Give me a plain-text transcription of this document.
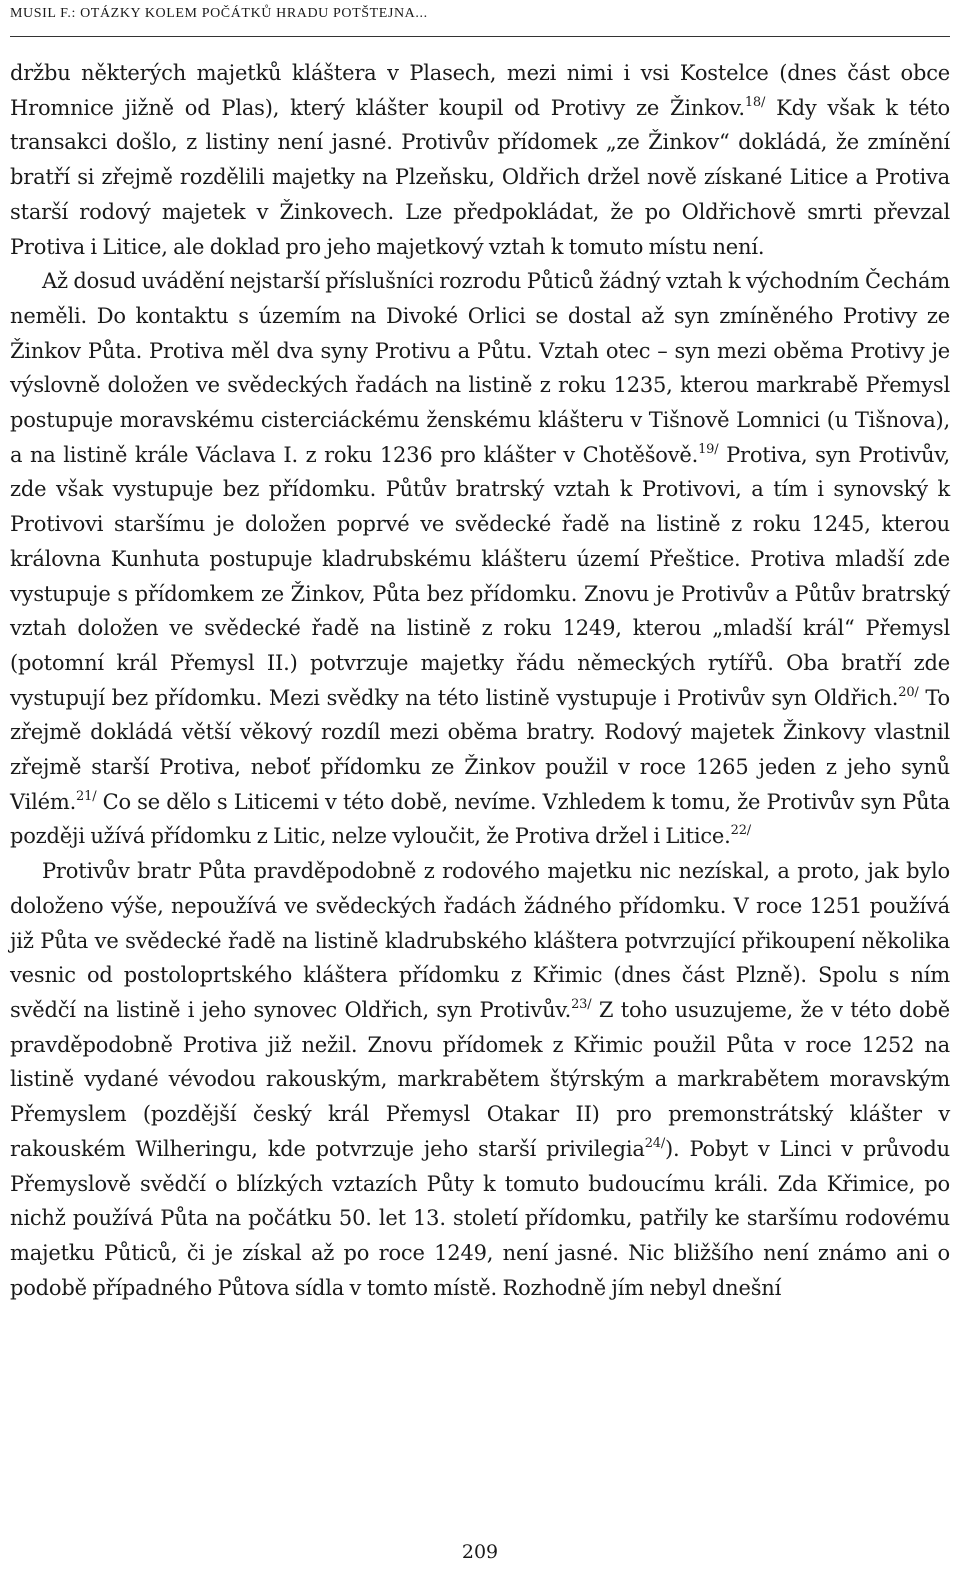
MUSIL F.: OTÁZKY KOLEM POČÁTKŮ HRADU POTŠTEJNA...

držbu některých majetků kláštera v Plasech, mezi nimi i vsi Kostelce (dnes část obce Hromnice jižně od Plas), který klášter koupil od Protivy ze Žinkov.$^{18/}$ Kdy však k této transakci došlo, z listiny není jasné. Protivův přídomek „ze Žinkov“ dokládá, že zmínění bratří si zřejmě rozdělili majetky na Plzeňsku, Oldřich držel nově získané Litice a Protiva starší rodový majetek v Žinkovech. Lze předpokládat, že po Oldřichově smrti převzal Protiva i Litice, ale doklad pro jeho majetkový vztah k tomuto místu není.

Až dosud uvádění nejstarší příslušníci rozrodu Půticů žádný vztah k východním Čechám neměli. Do kontaktu s územím na Divoké Orlici se dostal až syn zmíněného Protivy ze Žinkov Půta. Protiva měl dva syny Protivu a Půtu. Vztah otec – syn mezi oběma Protivy je výslovně doložen ve svědeckých řadách na listině z roku 1235, kterou markrabě Přemysl postupuje moravskému cisterciáckému ženskému klášteru v Tišnově Lomnici (u Tišnova), a na listině krále Václava I. z roku 1236 pro klášter v Chotěšově.$^{19/}$ Protiva, syn Protivův, zde však vystupuje bez přídomku. Půtův bratrský vztah k Protivovi, a tím i synovský k Protivovi staršímu je doložen poprvé ve svědecké řadě na listině z roku 1245, kterou královna Kunhuta postupuje kladrubskému klášteru území Přeštice. Protiva mladší zde vystupuje s přídomkem ze Žinkov, Půta bez přídomku. Znovu je Protivův a Půtův bratrský vztah doložen ve svědecké řadě na listině z roku 1249, kterou „mladší král“ Přemysl (potomní král Přemysl II.) potvrzuje majetky řádu německých rytířů. Oba bratří zde vystupují bez přídomku. Mezi svědky na této listině vystupuje i Protivův syn Oldřich.$^{20/}$ To zřejmě dokládá větší věkový rozdíl mezi oběma bratry. Rodový majetek Žinkovy vlastnil zřejmě starší Protiva, neboť přídomku ze Žinkov použil v roce 1265 jeden z jeho synů Vilém.$^{21/}$ Co se dělo s Liticemi v této době, nevíme. Vzhledem k tomu, že Protivův syn Půta později užívá přídomku z Litic, nelze vyloučit, že Protiva držel i Litice.$^{22/}$

Protivův bratr Půta pravděpodobně z rodového majetku nic nezískal, a proto, jak bylo doloženo výše, nepoužívá ve svědeckých řadách žádného přídomku. V roce 1251 používá již Půta ve svědecké řadě na listině kladrubského kláštera potvrzující přikoupení několika vesnic od postoloprtského kláštera přídomku z Křimic (dnes část Plzně). Spolu s ním svědčí na listině i jeho synovec Oldřich, syn Protivův.$^{23/}$ Z toho usuzujeme, že v této době pravděpodobně Protiva již nežil. Znovu přídomek z Křimic použil Půta v roce 1252 na listině vydané vévodou rakouským, markrabětem štýrským a markrabětem moravským Přemyslem (pozdější český král Přemysl Otakar II) pro premonstrátský klášter v rakouském Wilheringu, kde potvrzuje jeho starší privilegia$^{24/}$). Pobyt v Linci v průvodu Přemyslově svědčí o blízkých vztazích Půty k tomuto budoucímu králi. Zda Křimice, po nichž používá Půta na počátku 50. let 13. století přídomku, patřily ke staršímu rodovému majetku Půticů, či je získal až po roce 1249, není jasné. Nic bližšího není známo ani o podobě případného Půtova sídla v tomto místě. Rozhodně jím nebyl dnešní

209
